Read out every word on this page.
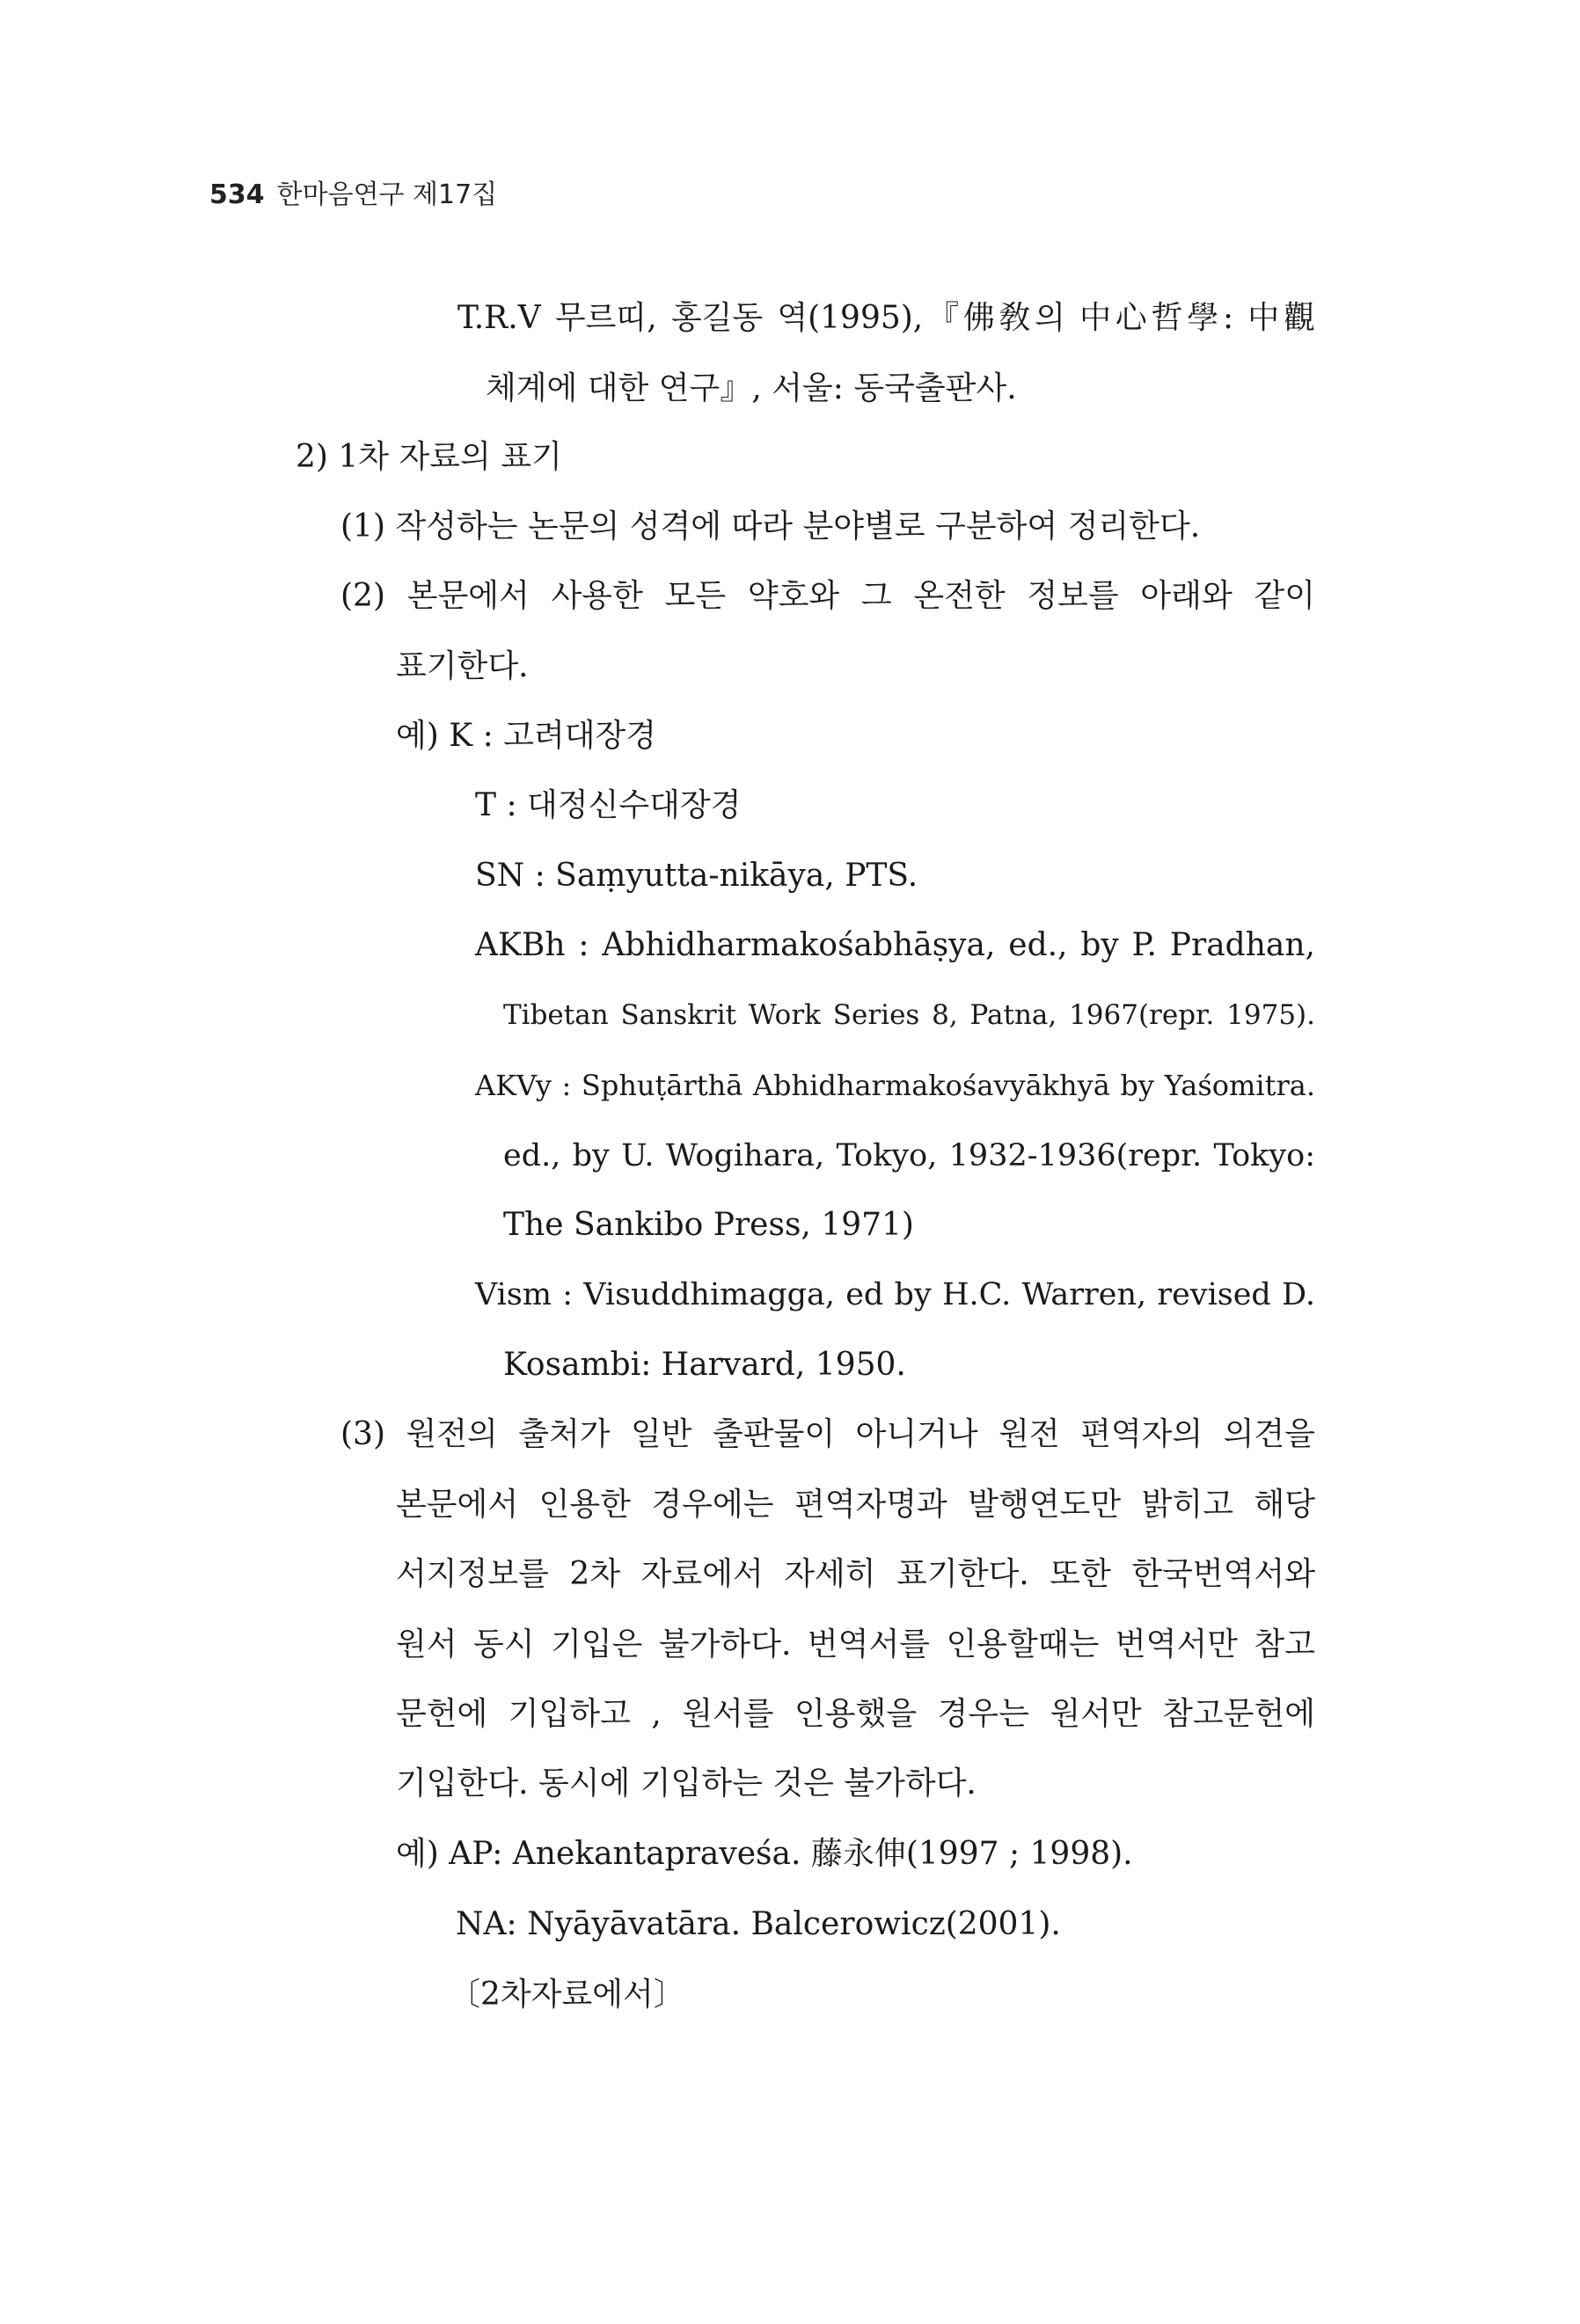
534 한마음연구 제17집
T.R.V 무르띠, 홍길동 역(1995),『佛敎의 中心哲學: 中觀
체계에 대한 연구』, 서울: 동국출판사.
2) 1차 자료의 표기
(1) 작성하는 논문의 성격에 따라 분야별로 구분하여 정리한다.
(2) 본문에서 사용한 모든 약호와 그 온전한 정보를 아래와 같이
표기한다.
예) K : 고려대장경
T : 대정신수대장경
SN : Saṃyutta-nikāya, PTS.
AKBh : Abhidharmakośabhāṣya, ed., by P. Pradhan,
Tibetan Sanskrit Work Series 8, Patna, 1967(repr. 1975).
AKVy : Sphuṭārthā Abhidharmakośavyākhyā by Yaśomitra.
ed., by U. Wogihara, Tokyo, 1932-1936(repr. Tokyo:
The Sankibo Press, 1971)
Vism : Visuddhimagga, ed by H.C. Warren, revised D.
Kosambi: Harvard, 1950.
(3) 원전의 출처가 일반 출판물이 아니거나 원전 편역자의 의견을
본문에서 인용한 경우에는 편역자명과 발행연도만 밝히고 해당
서지정보를 2차 자료에서 자세히 표기한다. 또한 한국번역서와
원서 동시 기입은 불가하다. 번역서를 인용할때는 번역서만 참고
문헌에 기입하고 , 원서를 인용했을 경우는 원서만 참고문헌에
기입한다. 동시에 기입하는 것은 불가하다.
예) AP: Anekantapraveśa. 藤永伸(1997 ; 1998).
NA: Nyāyāvatāra. Balcerowicz(2001).
〔2차자료에서〕
